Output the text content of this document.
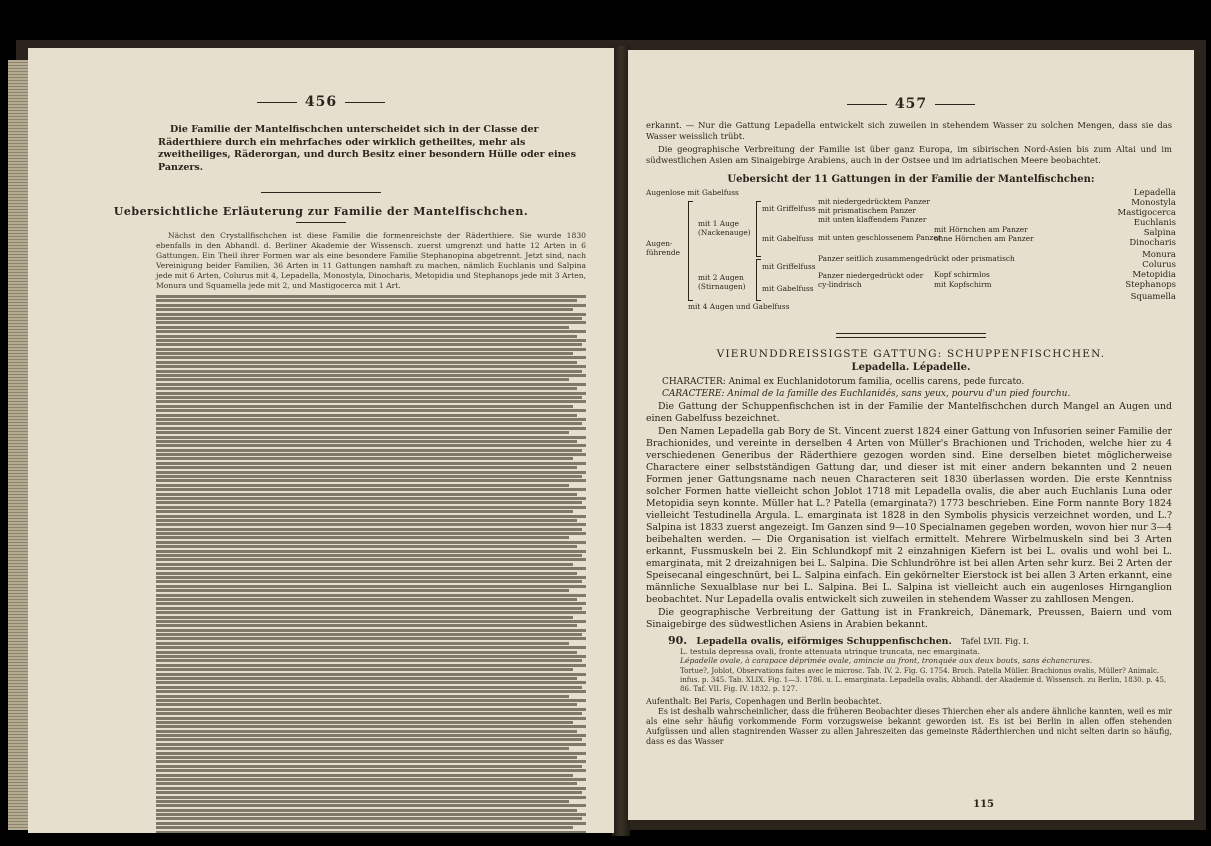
456
Die Familie der Mantelfischchen unterscheidet sich in der Classe der Räderthiere durch ein mehrfaches oder wirklich getheiltes, mehr als zweitheiliges, Räderorgan, und durch Besitz einer besondern Hülle oder eines Panzers.
Uebersichtliche Erläuterung zur Familie der Mantelfischchen.

Nächst den Crystallfischchen ist diese Familie die formenreichste der Räderthiere. Sie wurde 1830 ebenfalls in den Abhandl. d. Berliner Akademie der Wissensch. zuerst umgrenzt und hatte 12 Arten in 6 Gattungen. Ein Theil ihrer Formen war als eine besondere Familie Stephanopina abgetrennt. Jetzt sind, nach Vereinigung beider Familien, 36 Arten in 11 Gattungen namhaft zu machen, nämlich Euchlanis und Salpina jede mit 6 Arten, Colurus mit 4, Lepadella, Monostyla, Dinocharis, Metopidia und Stephanops jede mit 3 Arten, Monura und Squamella jede mit 2, und Mastigocerca mit 1 Art.

457

erkannt. — Nur die Gattung Lepadella entwickelt sich zuweilen in stehendem Wasser zu solchen Mengen, dass sie das Wasser weisslich trübt.

Die geographische Verbreitung der Familie ist über ganz Europa, im sibirischen Nord-Asien bis zum Altai und im südwestlichen Asien am Sinaigebirge Arabiens, auch in der Ostsee und im adriatischen Meere beobachtet.

Uebersicht der 11 Gattungen in der Familie der Mantelfischchen:
Augenlose mit Gabelfuss
Augen-führende
mit 1 Auge (Nackenauge)
mit 2 Augen (Stirnaugen)
mit 4 Augen und Gabelfuss
mit Griffelfuss
mit Gabelfuss
mit Griffelfuss
mit Gabelfuss
mit niedergedrücktem Panzer
mit prismatischem Panzer
mit unten klaffendem Panzer
mit unten geschlossenem Panzer
mit Hörnchen am Panzer
ohne Hörnchen am Panzer
Panzer seitlich zusammengedrückt oder prismatisch
Panzer niedergedrückt oder cy-lindrisch
Kopf schirmlos
mit Kopfschirm
Lepadella
Monostyla
Mastigocerca
Euchlanis
Salpina
Dinocharis
Monura
Colurus
Metopidia
Stephanops
Squamella
VIERUNDDREISSIGSTE GATTUNG: SCHUPPENFISCHCHEN.
Lepadella. Lépadelle.
CHARACTER: Animal ex Euchlanidotorum familia, ocellis carens, pede furcato.
CARACTERE: Animal de la famille des Euchlanidés, sans yeux, pourvu d'un pied fourchu.

Die Gattung der Schuppenfischchen ist in der Familie der Mantelfischchen durch Mangel an Augen und einen Gabelfuss bezeichnet.

Den Namen Lepadella gab Bory de St. Vincent zuerst 1824 einer Gattung von Infusorien seiner Familie der Brachionides, und vereinte in derselben 4 Arten von Müller's Brachionen und Trichoden, welche hier zu 4 verschiedenen Generibus der Räderthiere gezogen worden sind. Eine derselben bietet möglicherweise Charactere einer selbstständigen Gattung dar, und dieser ist mit einer andern bekannten und 2 neuen Formen jener Gattungsname nach neuen Characteren seit 1830 überlassen worden. Die erste Kenntniss solcher Formen hatte vielleicht schon Joblot 1718 mit Lepadella ovalis, die aber auch Euchlanis Luna oder Metopidia seyn konnte. Müller hat L.? Patella (emarginata?) 1773 beschrieben. Eine Form nannte Bory 1824 vielleicht Testudinella Argula. L. emarginata ist 1828 in den Symbolis physicis verzeichnet worden, und L.? Salpina ist 1833 zuerst angezeigt. Im Ganzen sind 9—10 Specialnamen gegeben worden, wovon hier nur 3—4 beibehalten werden. — Die Organisation ist vielfach ermittelt. Mehrere Wirbelmuskeln sind bei 3 Arten erkannt, Fussmuskeln bei 2. Ein Schlundkopf mit 2 einzahnigen Kiefern ist bei L. ovalis und wohl bei L. emarginata, mit 2 dreizahnigen bei L. Salpina. Die Schlundröhre ist bei allen Arten sehr kurz. Bei 2 Arten der Speisecanal eingeschnürt, bei L. Salpina einfach. Ein gekörnelter Eierstock ist bei allen 3 Arten erkannt, eine männliche Sexualblase nur bei L. Salpina. Bei L. Salpina ist vielleicht auch ein augenloses Hirnganglion beobachtet. Nur Lepadella ovalis entwickelt sich zuweilen in stehendem Wasser zu zahllosen Mengen.

Die geographische Verbreitung der Gattung ist in Frankreich, Dänemark, Preussen, Baiern und vom Sinaigebirge des südwestlichen Asiens in Arabien bekannt.

90. Lepadella ovalis, eiförmiges Schuppenfischchen. Tafel LVII. Fig. I.
L. testula depressa ovali, fronte attenuata utrinque truncata, nec emarginata.
Lépadelle ovale, à carapace déprimée ovale, amincie au front, tronquée aux deux bouts, sans échancrures.
Tortue?, Joblot, Observations faites avec le microsc. Tab. IV. 2. Fig. G. 1754. Broch. Patella Müller. Brachionus ovalis, Müller? Animalc. infus. p. 345. Tab. XLIX. Fig. 1—3. 1786. u. L. emarginata. Lepadella ovalis, Abhandl. der Akademie d. Wissensch. zu Berlin, 1830. p. 45, 86. Taf. VII. Fig. IV. 1832. p. 127.
Aufenthalt: Bei Paris, Copenhagen und Berlin beobachtet.
Es ist deshalb wahrscheinlicher, dass die früheren Beobachter dieses Thierchen eher als andere ähnliche kannten, weil es mir als eine sehr häufig vorkommende Form vorzugsweise bekannt geworden ist. Es ist bei Berlin in allen offen stehenden Aufgüssen und allen stagnirenden Wasser zu allen Jahreszeiten das gemeinste Räderthierchen und nicht selten darin so häufig, dass es das Wasser
115
